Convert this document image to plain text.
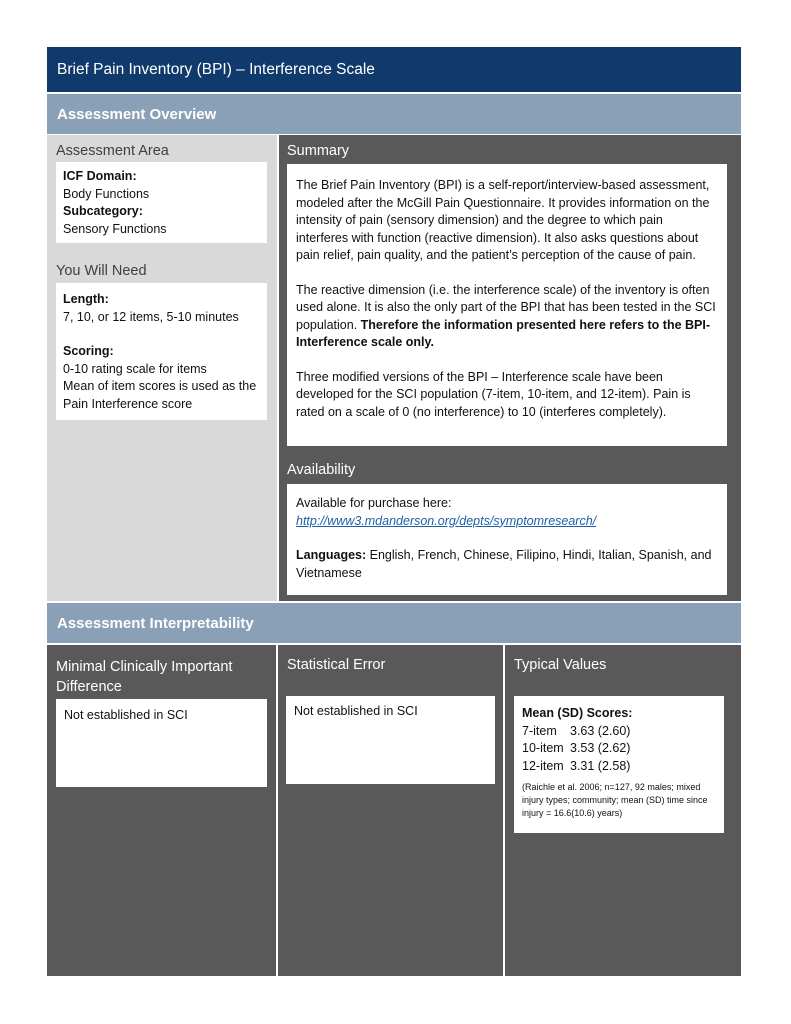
Brief Pain Inventory (BPI) – Interference Scale
Assessment Overview
Assessment Area

ICF Domain:

Body Functions

Subcategory:

Sensory Functions

You Will Need

Length:

7, 10, or 12 items, 5-10 minutes

Scoring:

0-10 rating scale for items

Mean of item scores is used as the Pain Interference score

Summary

The Brief Pain Inventory (BPI) is a self-report/interview-based assessment, modeled after the McGill Pain Questionnaire. It provides information on the intensity of pain (sensory dimension) and the degree to which pain interferes with function (reactive dimension). It also asks questions about pain relief, pain quality, and the patient’s perception of the cause of pain.

The reactive dimension (i.e. the interference scale) of the inventory is often used alone. It is also the only part of the BPI that has been tested in the SCI population. Therefore the information presented here refers to the BPI-Interference scale only.

Three modified versions of the BPI – Interference scale have been developed for the SCI population (7-item, 10-item, and 12-item). Pain is rated on a scale of 0 (no interference) to 10 (interferes completely).

Availability

Available for purchase here:

http://www3.mdanderson.org/depts/symptomresearch/

Languages: English, French, Chinese, Filipino, Hindi, Italian, Spanish, and Vietnamese

Assessment Interpretability
Minimal Clinically Important Difference

Not established in SCI

Statistical Error

Not established in SCI

Typical Values

Mean (SD) Scores:

7-item 3.63 (2.60)

10-item 3.53 (2.62)

12-item 3.31 (2.58)

(Raichle et al. 2006; n=127, 92 males; mixed injury types; community; mean (SD) time since injury = 16.6(10.6) years)
